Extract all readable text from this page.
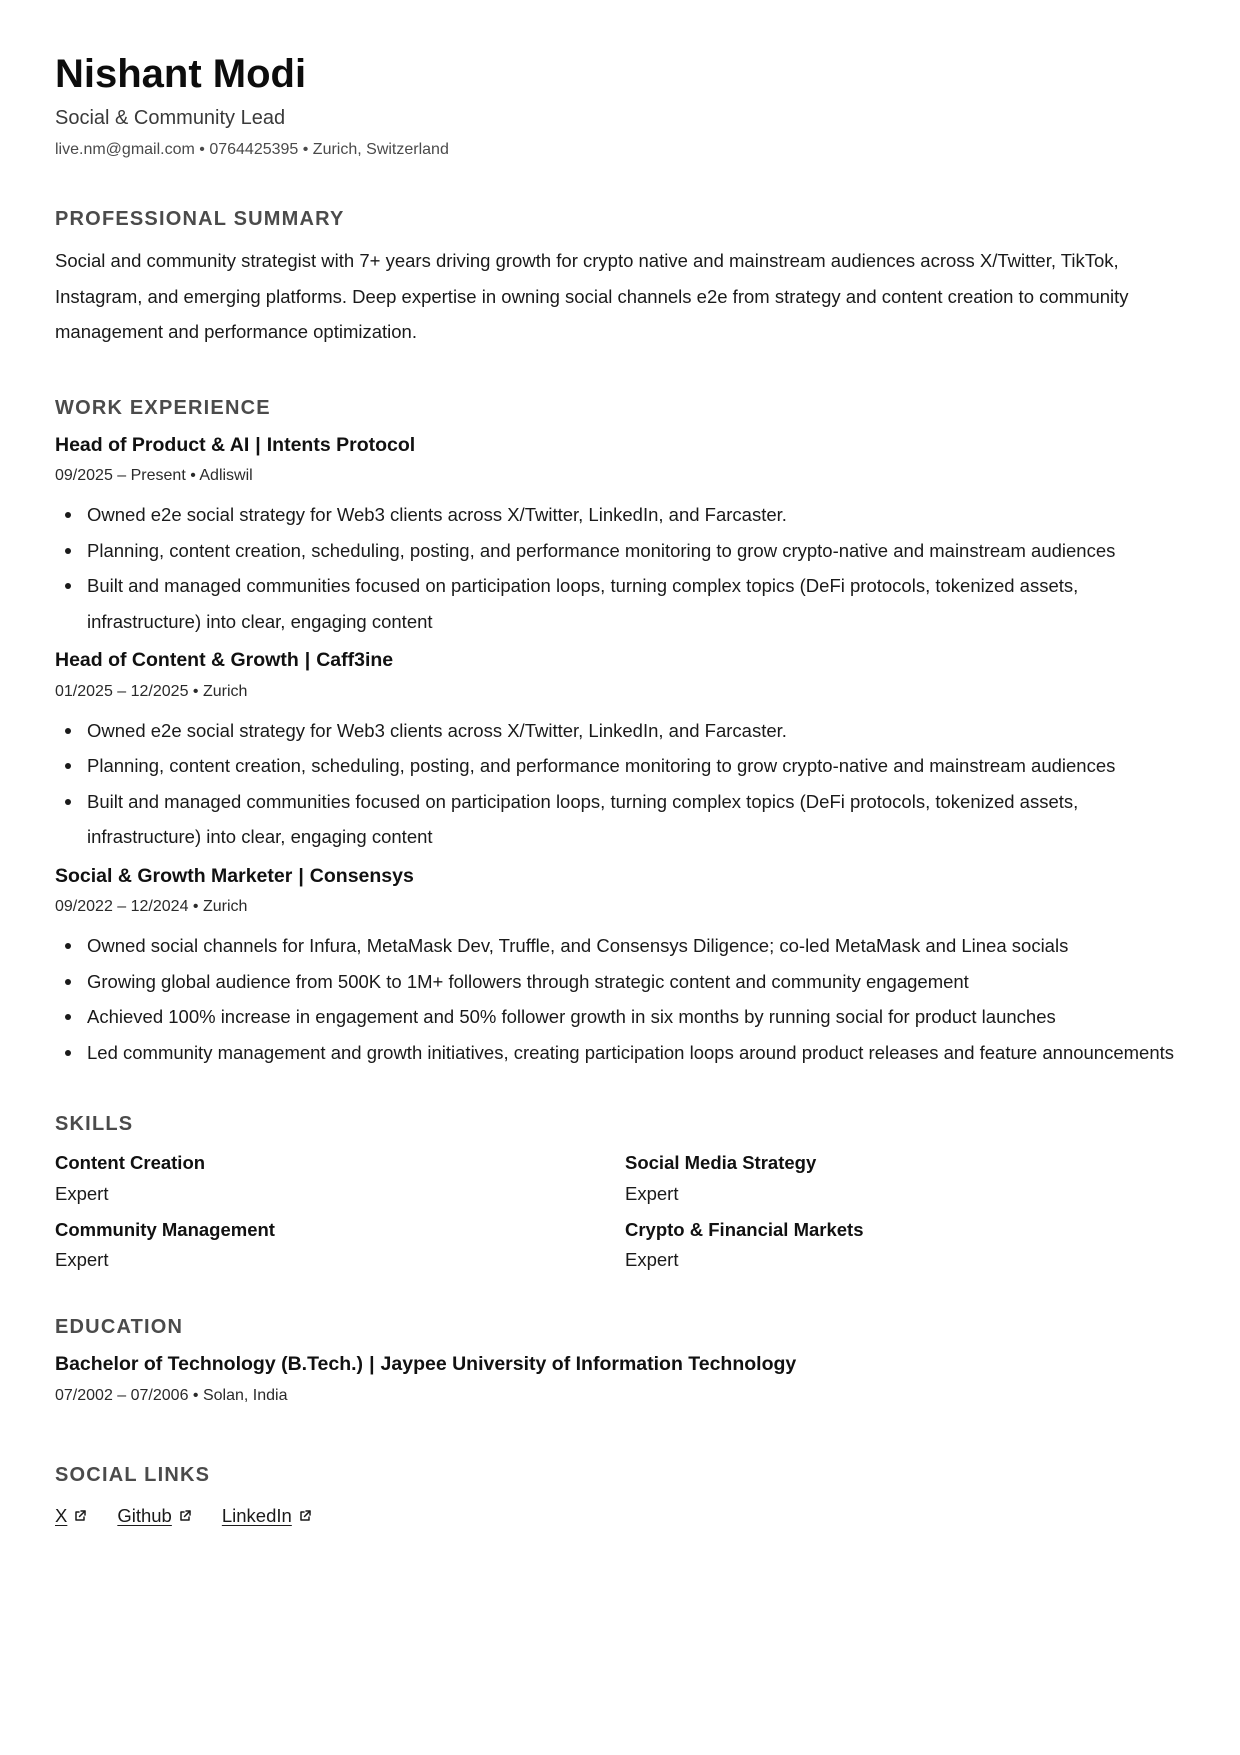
Nishant Modi
Social & Community Lead
live.nm@gmail.com • 0764425395 • Zurich, Switzerland
PROFESSIONAL SUMMARY
Social and community strategist with 7+ years driving growth for crypto native and mainstream audiences across X/Twitter, TikTok, Instagram, and emerging platforms. Deep expertise in owning social channels e2e from strategy and content creation to community management and performance optimization.
WORK EXPERIENCE
Head of Product & AI | Intents Protocol
09/2025 – Present • Adliswil
Owned e2e social strategy for Web3 clients across X/Twitter, LinkedIn, and Farcaster.
Planning, content creation, scheduling, posting, and performance monitoring to grow crypto-native and mainstream audiences
Built and managed communities focused on participation loops, turning complex topics (DeFi protocols, tokenized assets, infrastructure) into clear, engaging content
Head of Content & Growth | Caff3ine
01/2025 – 12/2025 • Zurich
Owned e2e social strategy for Web3 clients across X/Twitter, LinkedIn, and Farcaster.
Planning, content creation, scheduling, posting, and performance monitoring to grow crypto-native and mainstream audiences
Built and managed communities focused on participation loops, turning complex topics (DeFi protocols, tokenized assets, infrastructure) into clear, engaging content
Social & Growth Marketer | Consensys
09/2022 – 12/2024 • Zurich
Owned social channels for Infura, MetaMask Dev, Truffle, and Consensys Diligence; co-led MetaMask and Linea socials
Growing global audience from 500K to 1M+ followers through strategic content and community engagement
Achieved 100% increase in engagement and 50% follower growth in six months by running social for product launches
Led community management and growth initiatives, creating participation loops around product releases and feature announcements
SKILLS
Content Creation
Expert
Social Media Strategy
Expert
Community Management
Expert
Crypto & Financial Markets
Expert
EDUCATION
Bachelor of Technology (B.Tech.) | Jaypee University of Information Technology
07/2002 – 07/2006 • Solan, India
SOCIAL LINKS
X	Github	LinkedIn
